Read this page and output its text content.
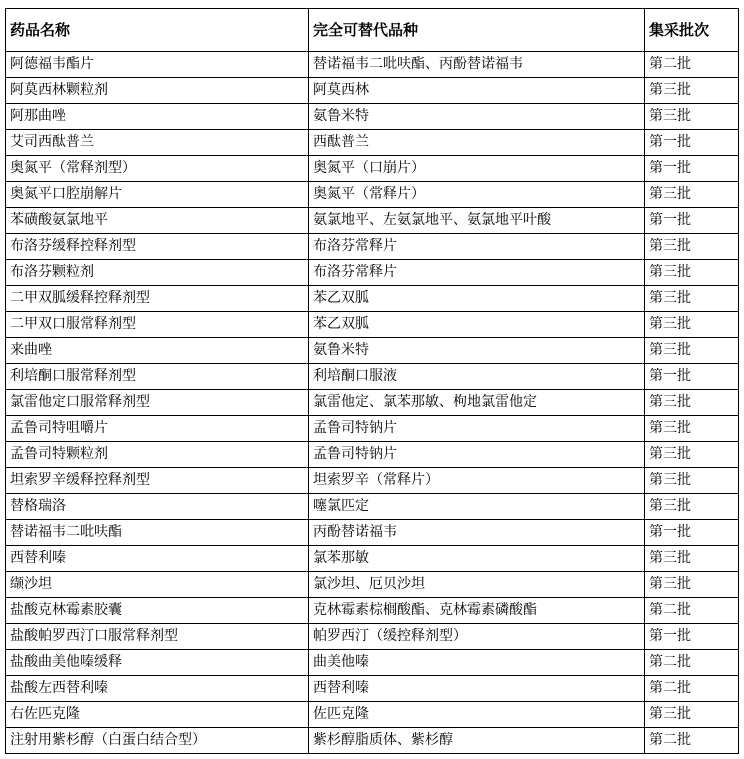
药品名称	完全可替代品种	集采批次
阿德福韦酯片	替诺福韦二吡呋酯、丙酚替诺福韦	第二批
阿莫西林颗粒剂	阿莫西林	第三批
阿那曲唑	氨鲁米特	第三批
艾司西酞普兰	西酞普兰	第一批
奥氮平（常释剂型）	奥氮平（口崩片）	第一批
奥氮平口腔崩解片	奥氮平（常释片）	第三批
苯磺酸氨氯地平	氨氯地平、左氨氯地平、氨氯地平叶酸	第一批
布洛芬缓释控释剂型	布洛芬常释片	第三批
布洛芬颗粒剂	布洛芬常释片	第三批
二甲双胍缓释控释剂型	苯乙双胍	第三批
二甲双口服常释剂型	苯乙双胍	第三批
来曲唑	氨鲁米特	第三批
利培酮口服常释剂型	利培酮口服液	第一批
氯雷他定口服常释剂型	氯雷他定、氯苯那敏、枸地氯雷他定	第三批
孟鲁司特咀嚼片	孟鲁司特钠片	第三批
孟鲁司特颗粒剂	孟鲁司特钠片	第三批
坦索罗辛缓释控释剂型	坦索罗辛（常释片）	第三批
替格瑞洛	噻氯匹定	第三批
替诺福韦二吡呋酯	丙酚替诺福韦	第一批
西替利嗪	氯苯那敏	第三批
缬沙坦	氯沙坦、厄贝沙坦	第三批
盐酸克林霉素胶囊	克林霉素棕榈酸酯、克林霉素磷酸酯	第二批
盐酸帕罗西汀口服常释剂型	帕罗西汀（缓控释剂型）	第一批
盐酸曲美他嗪缓释	曲美他嗪	第二批
盐酸左西替利嗪	西替利嗪	第二批
右佐匹克隆	佐匹克隆	第三批
注射用紫杉醇（白蛋白结合型）	紫杉醇脂质体、紫杉醇	第二批
